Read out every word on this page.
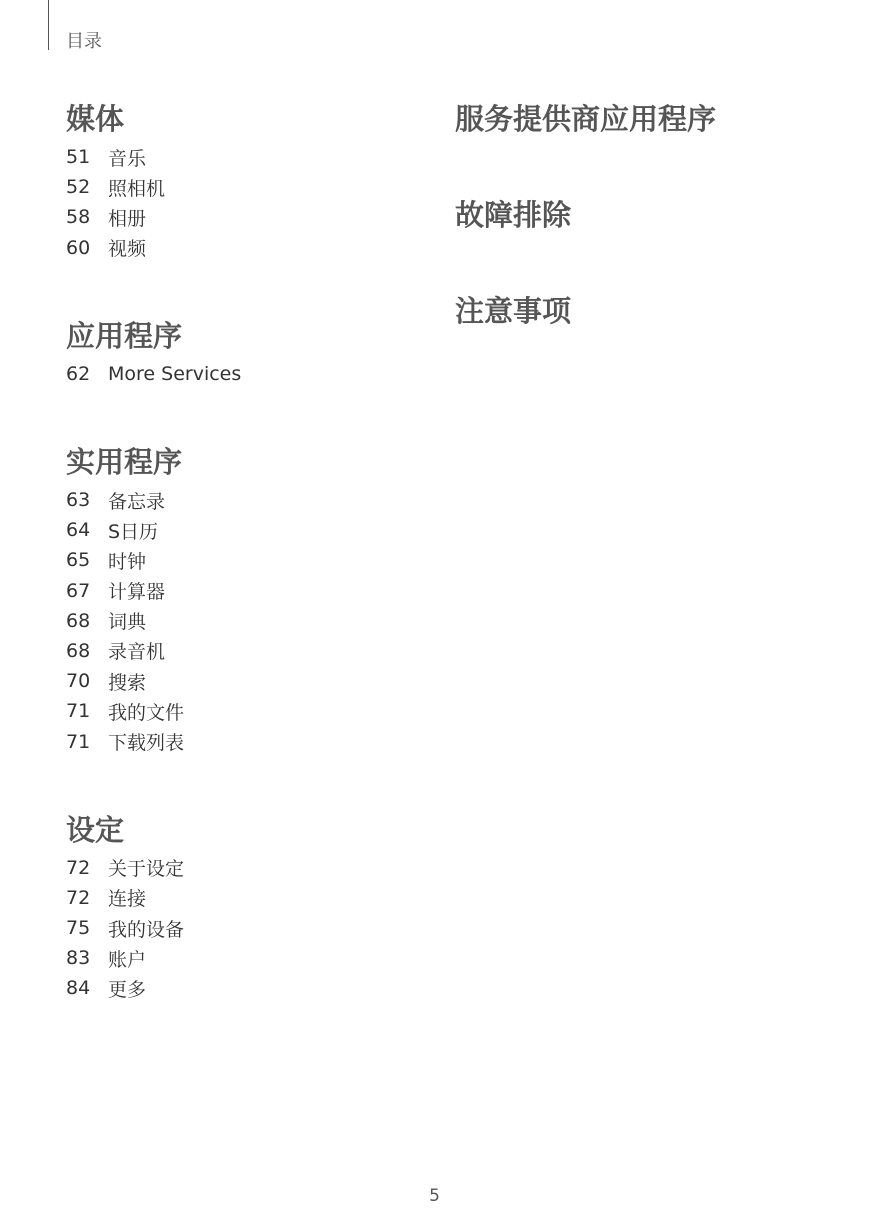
目录
媒体
51 音乐
52 照相机
58 相册
60 视频
应用程序
62 More Services
实用程序
63 备忘录
64 S日历
65 时钟
67 计算器
68 词典
68 录音机
70 搜索
71 我的文件
71 下载列表
设定
72 关于设定
72 连接
75 我的设备
83 账户
84 更多
服务提供商应用程序
故障排除
注意事项
5
